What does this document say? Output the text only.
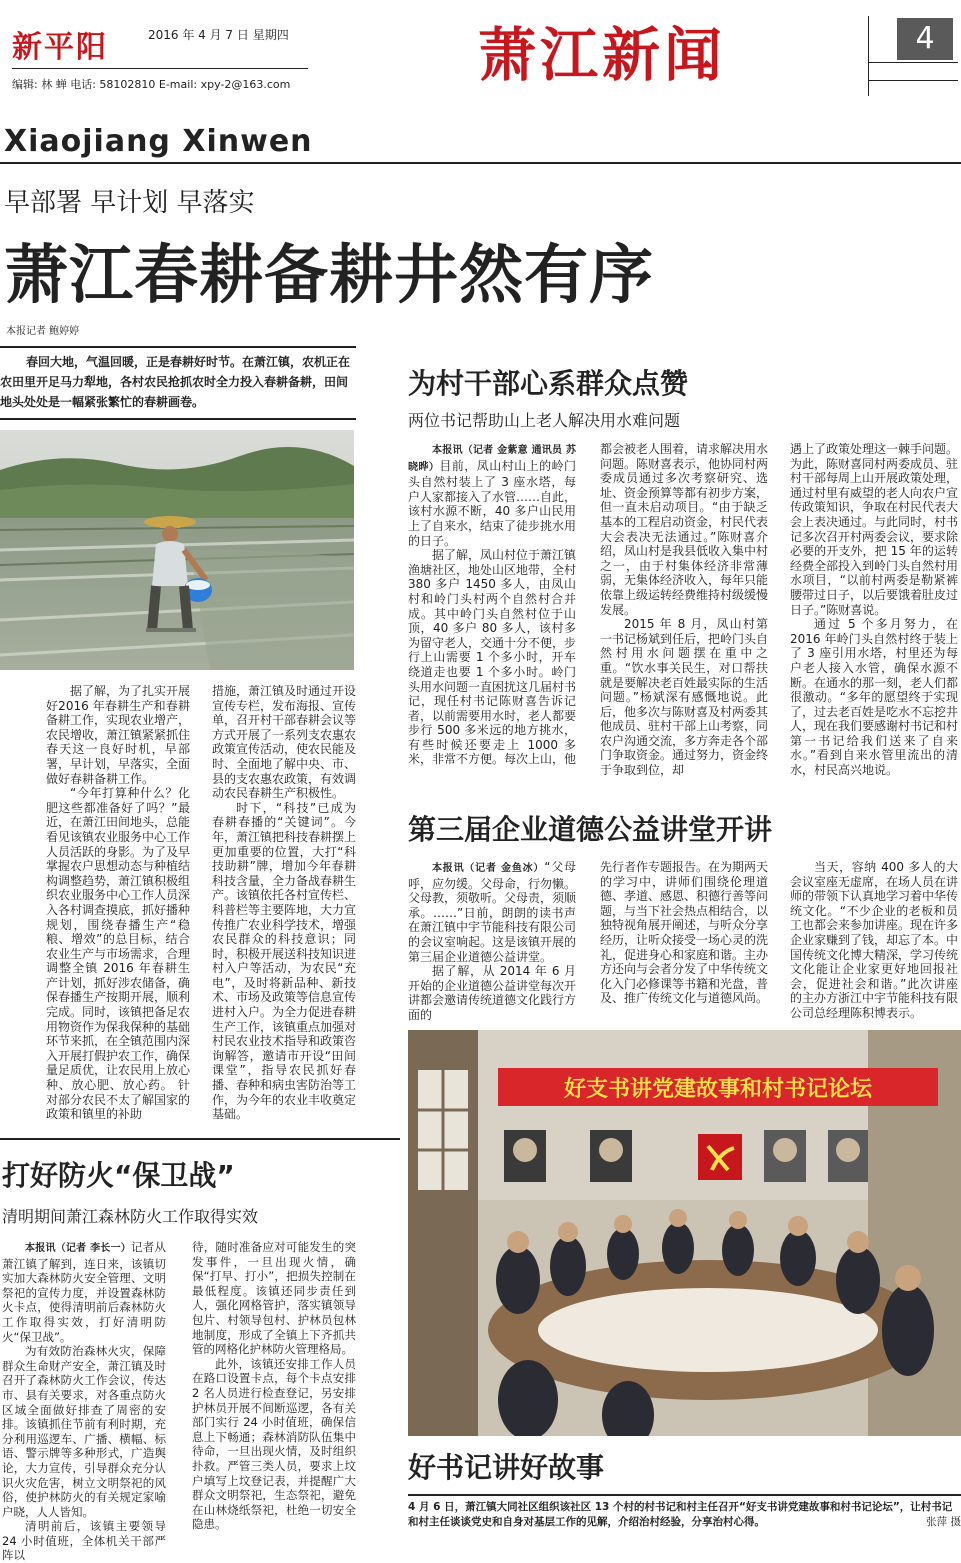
新平阳	2016 年 4 月 7 日 星期四
编辑: 林 蝉 电话: 58102810 E-mail: xpy-2@163.com	萧江新闻	4
Xiaojiang Xinwen
早部署 早计划 早落实
萧江春耕备耕井然有序
本报记者 鲍婷婷
春回大地，气温回暖，正是春耕好时节。在萧江镇，农机正在农田里开足马力犁地，各村农民抢抓农时全力投入春耕备耕，田间地头处处是一幅紧张繁忙的春耕画卷。

据了解，为了扎实开展好2016 年春耕生产和春耕备耕工作，实现农业增产，农民增收，萧江镇紧紧抓住春天这一良好时机，早部署，早计划，早落实，全面做好春耕备耕工作。

“今年打算种什么？化肥这些都准备好了吗？”最近，在萧江田间地头，总能看见该镇农业服务中心工作人员活跃的身影。为了及早掌握农户思想动态与种植结构调整趋势，萧江镇积极组织农业服务中心工作人员深入各村调查摸底，抓好播种规划，围绕春播生产“稳粮、增效”的总目标，结合农业生产与市场需求，合理调整全镇 2016 年春耕生产计划，抓好涉农储备，确保春播生产按期开展，顺利完成。同时，该镇把备足农用物资作为保我保种的基础环节来抓，在全镇范围内深入开展打假护农工作，确保量足质优，让农民用上放心种、放心肥、放心药。 针对部分农民不太了解国家的政策和镇里的补助

措施，萧江镇及时通过开设宣传专栏，发布海报、宣传单，召开村干部春耕会议等方式开展了一系列支农惠农政策宣传活动，使农民能及时、全面地了解中央、市、县的支农惠农政策，有效调动农民春耕生产积极性。

时下，“科技”已成为春耕春播的“关键词”。今年，萧江镇把科技春耕摆上更加重要的位置，大打“科技助耕”牌，增加今年春耕科技含量，全力备战春耕生产。该镇依托各村宣传栏、科普栏等主要阵地，大力宣传推广农业科学技术，增强农民群众的科技意识；同时，积极开展送科技知识进村入户等活动，为农民“充电”，及时将新品种、新技术、市场及政策等信息宣传进村入户。为全力促进春耕生产工作，该镇重点加强对村民农业技术指导和政策咨询解答，邀请市开设“田间课堂”，指导农民抓好春播、春种和病虫害防治等工作，为今年的农业丰收奠定基础。

为村干部心系群众点赞
两位书记帮助山上老人解决用水难问题

本报讯（记者 金紫意 通讯员 苏晓晔）目前，凤山村山上的岭门头自然村装上了 3 座水塔，每户人家都接入了水管……自此，该村水源不断，40 多户山民用上了自来水，结束了徒步挑水用的日子。

据了解，凤山村位于萧江镇渔塘社区，地处山区地带，全村 380 多户 1450 多人，由凤山村和岭门头村两个自然村合并成。其中岭门头自然村位于山顶，40 多户 80 多人，该村多为留守老人，交通十分不便，步行上山需要 1 个多小时，开车绕道走也要 1 个多小时。岭门头用水问题一直困扰这几届村书记，现任村书记陈财喜告诉记者，以前需要用水时，老人都要步行 500 多米远的地方挑水，有些时候还要走上 1000 多米，非常不方便。每次上山，他

都会被老人围着，请求解决用水问题。陈财喜表示，他协同村两委成员通过多次考察研究、选址、资金预算等都有初步方案，但一直未启动项目。“由于缺乏基本的工程启动资金，村民代表大会表决无法通过。”陈财喜介绍，凤山村是我县低收入集中村之一，由于村集体经济非常薄弱，无集体经济收入，每年只能依靠上级运转经费维持村级缓慢发展。

2015 年 8 月，凤山村第一书记杨斌到任后，把岭门头自然村用水问题摆在重中之重。“饮水事关民生，对口帮扶就是要解决老百姓最实际的生活问题。”杨斌深有感慨地说。此后，他多次与陈财喜及村两委其他成员、驻村干部上山考察，同农户沟通交流，多方奔走各个部门争取资金。通过努力，资金终于争取到位，却

遇上了政策处理这一棘手问题。为此，陈财喜同村两委成员、驻村干部每周上山开展政策处理，通过村里有威望的老人向农户宣传政策知识，争取在村民代表大会上表决通过。与此同时，村书记多次召开村两委会议，要求除必要的开支外，把 15 年的运转经费全部投入到岭门头自然村用水项目，“以前村两委是勒紧裤腰带过日子，以后要饿着肚皮过日子。”陈财喜说。

通过 5 个多月努力，在 2016 年岭门头自然村终于装上了 3 座引用水塔，村里还为每户老人接入水管，确保水源不断。在通水的那一刻，老人们都很激动。“多年的愿望终于实现了，过去老百姓是吃水不忘挖井人，现在我们要感谢村书记和村第一书记给我们送来了自来水。”看到自来水管里流出的清水，村民高兴地说。

第三届企业道德公益讲堂开讲

本报讯（记者 金鱼冰）“父母呼，应勿缓。父母命，行勿懒。父母教，须敬听。父母责，须顺承。……”日前，朗朗的读书声在萧江镇中宇节能科技有限公司的会议室响起。这是该镇开展的第三届企业道德公益讲堂。

据了解，从 2014 年 6 月开始的企业道德公益讲堂每次开讲都会邀请传统道德文化践行方面的

先行者作专题报告。在为期两天的学习中，讲师们围绕伦理道德、孝道、感恩、积德行善等问题，与当下社会热点相结合，以独特视角展开阐述，与听众分享经历，让听众接受一场心灵的洗礼，促进身心和家庭和谐。主办方还向与会者分发了中华传统文化入门必修课等书籍和光盘，普及、推广传统文化与道德风尚。

当天，容纳 400 多人的大会议室座无虚席，在场人员在讲师的带领下认真地学习着中华传统文化。“不少企业的老板和员工也都会来参加讲座。现在许多企业家赚到了钱，却忘了本。中国传统文化博大精深，学习传统文化能让企业家更好地回报社会，促进社会和谐。”此次讲座的主办方浙江中宇节能科技有限公司总经理陈积博表示。

好支书讲党建故事和村书记论坛
好书记讲好故事
4 月 6 日，萧江镇大同社区组织该社区 13 个村的村书记和村主任召开“好支书讲党建故事和村书记论坛”，让村书记和村主任谈谈党史和自身对基层工作的见解，介绍治村经验，分享治村心得。	张萍 摄
打好防火“保卫战”
清明期间萧江森林防火工作取得实效

本报讯（记者 李长一）记者从萧江镇了解到，连日来，该镇切实加大森林防火安全管理、文明祭祀的宣传力度，并设置森林防火卡点，使得清明前后森林防火工作取得实效，打好清明防火“保卫战”。

为有效防治森林火灾，保障群众生命财产安全，萧江镇及时召开了森林防火工作会议，传达市、县有关要求，对各重点防火区域全面做好排查了周密的安排。该镇抓住节前有利时期，充分利用巡逻车、广播、横幅、标语、警示牌等多种形式，广造舆论，大力宣传，引导群众充分认识火灾危害，树立文明祭祀的风俗，使护林防火的有关规定家喻户晓，人人皆知。

清明前后，该镇主要领导 24 小时值班，全体机关干部严阵以

待，随时准备应对可能发生的突发事件，一旦出现火情，确保“打早、打小”，把损失控制在最低程度。该镇还同步责任到人，强化网格管护，落实镇领导包片、村领导包村、护林员包林地制度，形成了全镇上下齐抓共管的网格化护林防火管理格局。

此外，该镇还安排工作人员在路口设置卡点，每个卡点安排 2 名人员进行检查登记，另安排护林员开展不间断巡逻，各有关部门实行 24 小时值班，确保信息上下畅通；森林消防队伍集中待命，一旦出现火情，及时组织扑救。严管三类人员，要求上坟户填写上坟登记表，并提醒广大群众文明祭祀，生态祭祀，避免在山林烧纸祭祀，杜绝一切安全隐患。
